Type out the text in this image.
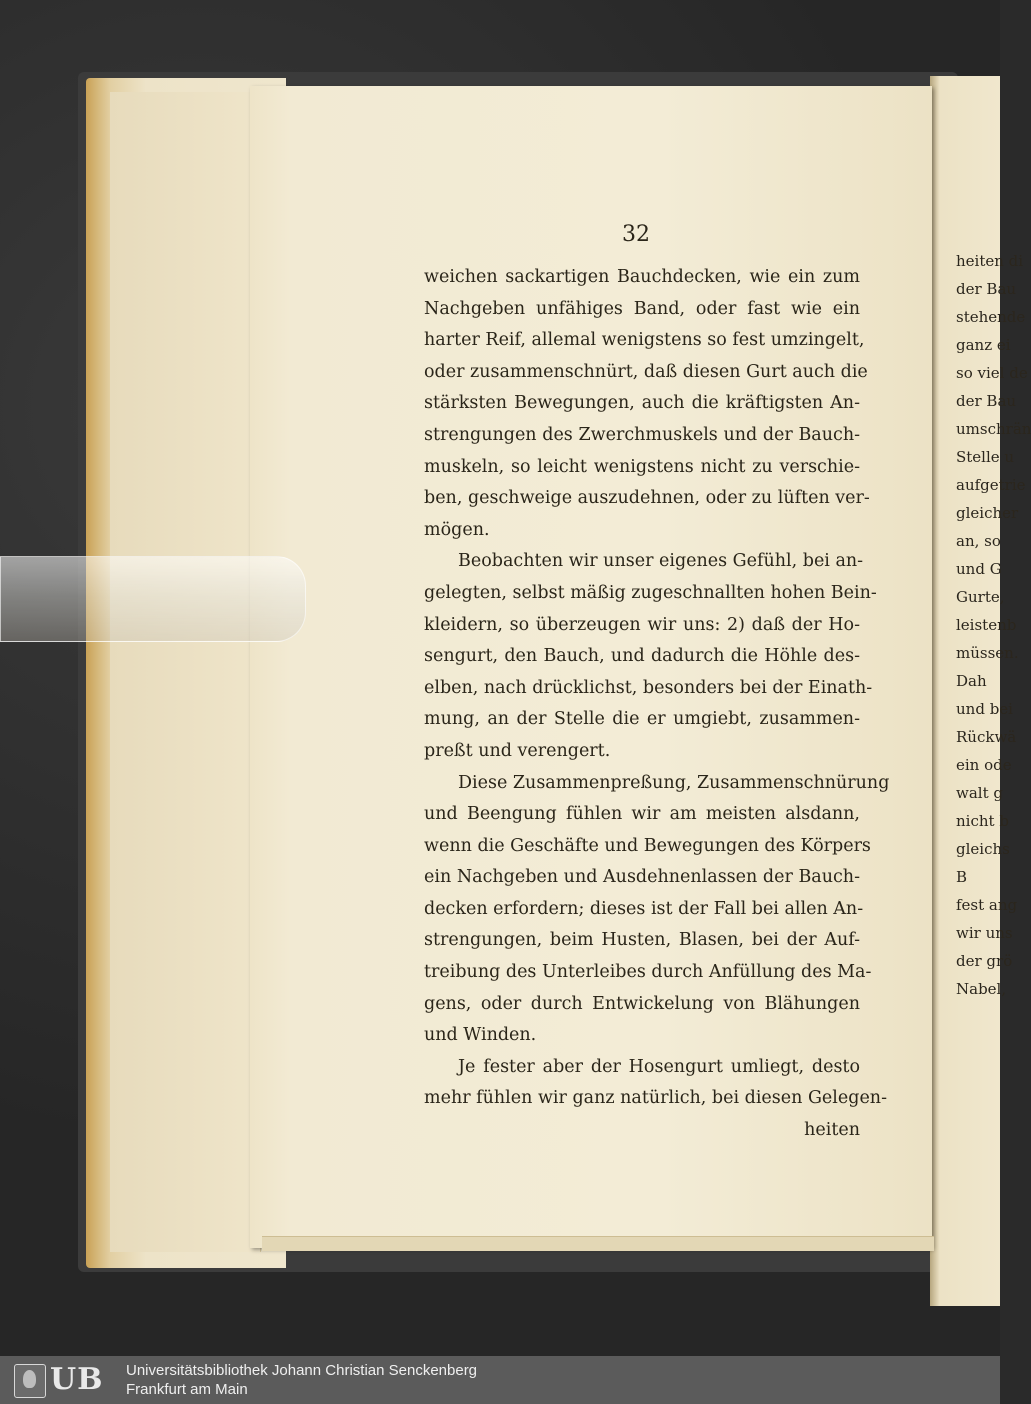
heiten di
der Bau
stehende
ganz ei
so viel de
der Bau
umschrän
Stelle u
aufgetrie
gleicher
an, so
und G
Gurte,
leistenb
müssen.
Dah
und bei
Rückwä
ein ode
walt g
nicht b
gleichs
B
fest ang
wir uns
der grö
Nabel,
32
weichen sackartigen Bauchdecken, wie ein zum
Nachgeben unfähiges Band, oder fast wie ein
harter Reif, allemal wenigstens so fest umzingelt,
oder zusammenschnürt, daß diesen Gurt auch die
stärksten Bewegungen, auch die kräftigsten An-
strengungen des Zwerchmuskels und der Bauch-
muskeln, so leicht wenigstens nicht zu verschie-
ben, geschweige auszudehnen, oder zu lüften ver-
mögen.
Beobachten wir unser eigenes Gefühl, bei an-
gelegten, selbst mäßig zugeschnallten hohen Bein-
kleidern, so überzeugen wir uns: 2) daß der Ho-
sengurt, den Bauch, und dadurch die Höhle des-
elben, nach drücklichst, besonders bei der Einath-
mung, an der Stelle die er umgiebt, zusammen-
preßt und verengert.
Diese Zusammenpreßung, Zusammenschnürung
und Beengung fühlen wir am meisten alsdann,
wenn die Geschäfte und Bewegungen des Körpers
ein Nachgeben und Ausdehnenlassen der Bauch-
decken erfordern; dieses ist der Fall bei allen An-
strengungen, beim Husten, Blasen, bei der Auf-
treibung des Unterleibes durch Anfüllung des Ma-
gens, oder durch Entwickelung von Blähungen
und Winden.
Je fester aber der Hosengurt umliegt, desto
mehr fühlen wir ganz natürlich, bei diesen Gelegen-
heiten
UB Universitätsbibliothek Johann Christian Senckenberg
Frankfurt am Main
